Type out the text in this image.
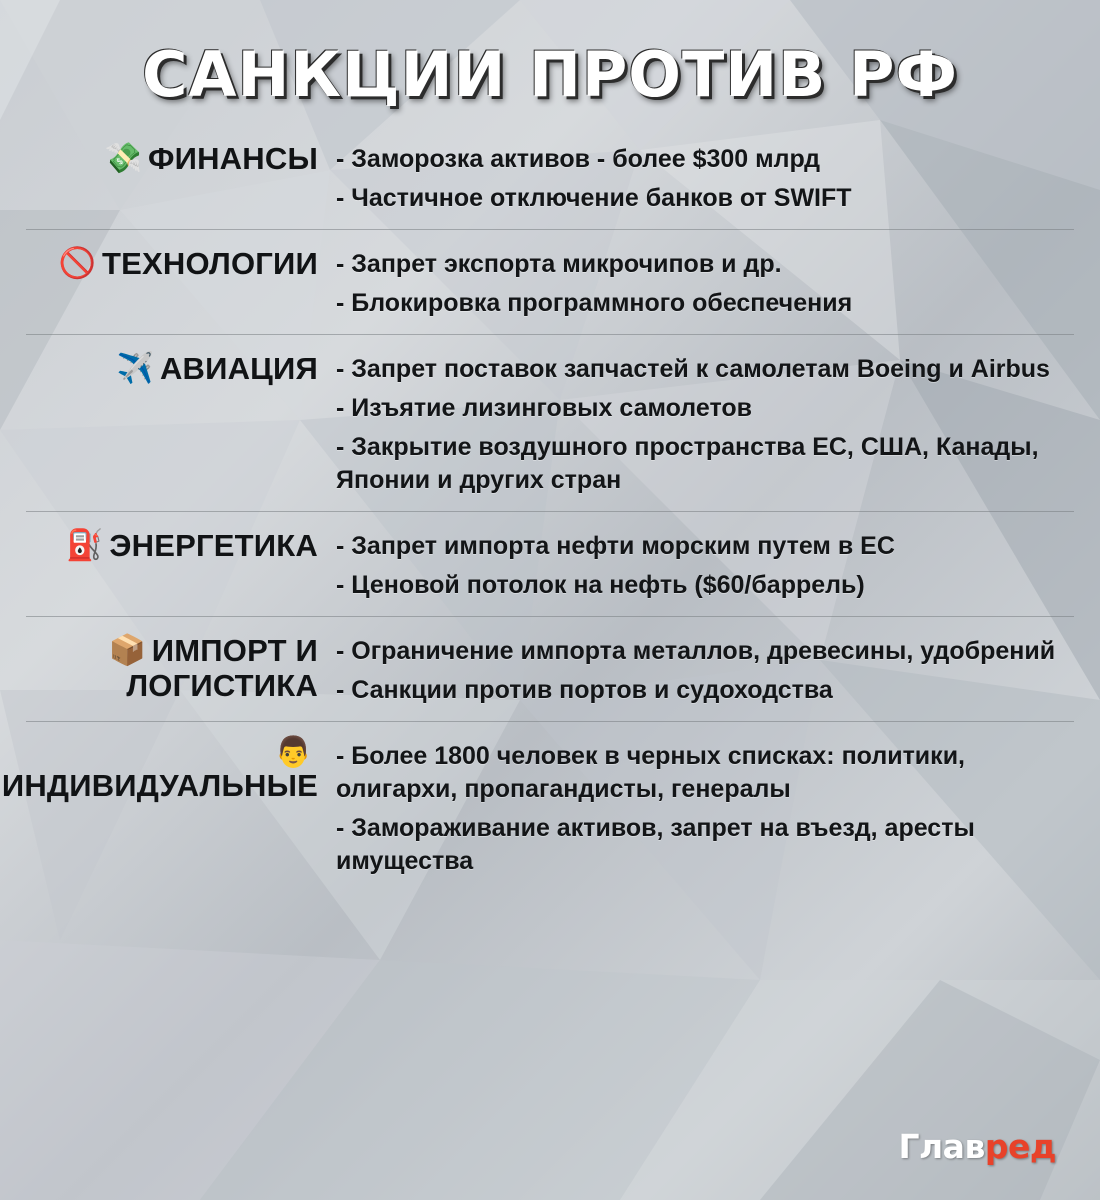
САНКЦИИ ПРОТИВ РФ
💸 ФИНАНСЫ - Заморозка активов - более $300 млрд

- Частичное отключение банков от SWIFT

🚫 ТЕХНОЛОГИИ - Запрет экспорта микрочипов и др.

- Блокировка программного обеспечения

✈️ АВИАЦИЯ - Запрет поставок запчастей к самолетам Boeing и Airbus

- Изъятие лизинговых самолетов

- Закрытие воздушного пространства ЕС, США, Канады, Японии и других стран

⛽ ЭНЕРГЕТИКА - Запрет импорта нефти морским путем в ЕС

- Ценовой потолок на нефть ($60/баррель)

📦 ИМПОРТ И ЛОГИСТИКА

- Ограничение импорта металлов, древесины, удобрений

- Санкции против портов и судоходства

👨
ИНДИВИДУАЛЬНЫЕ

- Более 1800 человек в черных списках: политики, олигархи, пропагандисты, генералы

- Замораживание активов, запрет на въезд, аресты имущества

Главред
